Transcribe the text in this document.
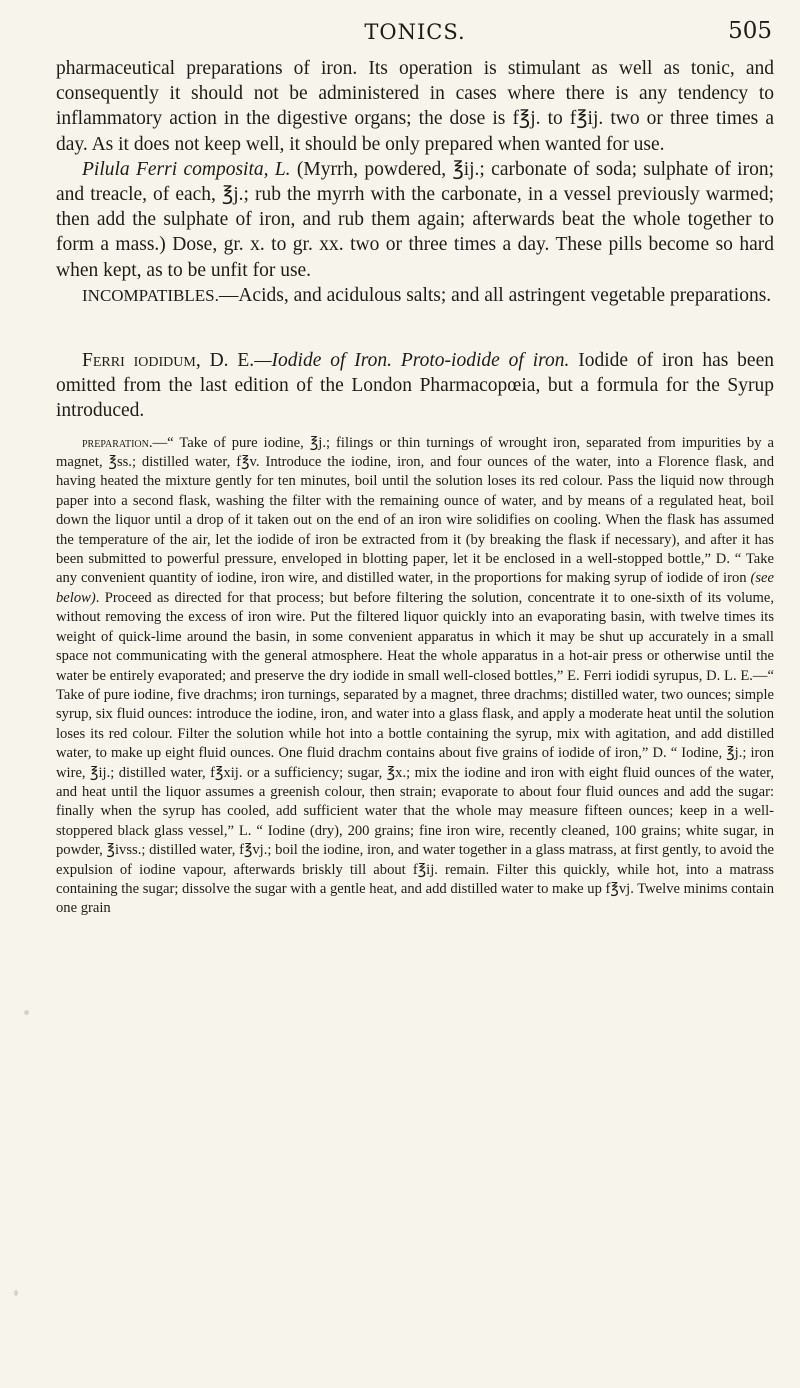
TONICS.	505

pharmaceutical preparations of iron. Its operation is stimulant as well as tonic, and consequently it should not be administered in cases where there is any tendency to inflammatory action in the digestive organs; the dose is f℥j. to f℥ij. two or three times a day. As it does not keep well, it should be only prepared when wanted for use.

Pilula Ferri composita, L. (Myrrh, powdered, ℥ij.; carbonate of soda; sulphate of iron; and treacle, of each, ℥j.; rub the myrrh with the carbonate, in a vessel previously warmed; then add the sulphate of iron, and rub them again; afterwards beat the whole together to form a mass.) Dose, gr. x. to gr. xx. two or three times a day. These pills become so hard when kept, as to be unfit for use.

INCOMPATIBLES.—Acids, and acidulous salts; and all astringent vegetable preparations.

Ferri iodidum, D. E.—Iodide of Iron. Proto-iodide of iron. Iodide of iron has been omitted from the last edition of the London Pharmacopœia, but a formula for the Syrup introduced.

preparation.—“ Take of pure iodine, ℥j.; filings or thin turnings of wrought iron, separated from impurities by a magnet, ℥ss.; distilled water, f℥v. Introduce the iodine, iron, and four ounces of the water, into a Florence flask, and having heated the mixture gently for ten minutes, boil until the solution loses its red colour. Pass the liquid now through paper into a second flask, washing the filter with the remaining ounce of water, and by means of a regulated heat, boil down the liquor until a drop of it taken out on the end of an iron wire solidifies on cooling. When the flask has assumed the temperature of the air, let the iodide of iron be extracted from it (by breaking the flask if necessary), and after it has been submitted to powerful pressure, enveloped in blotting paper, let it be enclosed in a well-stopped bottle,” D. “ Take any convenient quantity of iodine, iron wire, and distilled water, in the proportions for making syrup of iodide of iron (see below). Proceed as directed for that process; but before filtering the solution, concentrate it to one-sixth of its volume, without removing the excess of iron wire. Put the filtered liquor quickly into an evaporating basin, with twelve times its weight of quick-lime around the basin, in some convenient apparatus in which it may be shut up accurately in a small space not communicating with the general atmosphere. Heat the whole apparatus in a hot-air press or otherwise until the water be entirely evaporated; and preserve the dry iodide in small well-closed bottles,” E. Ferri iodidi syrupus, D. L. E.—“ Take of pure iodine, five drachms; iron turnings, separated by a magnet, three drachms; distilled water, two ounces; simple syrup, six fluid ounces: introduce the iodine, iron, and water into a glass flask, and apply a moderate heat until the solution loses its red colour. Filter the solution while hot into a bottle containing the syrup, mix with agitation, and add distilled water, to make up eight fluid ounces. One fluid drachm contains about five grains of iodide of iron,” D. “ Iodine, ℥j.; iron wire, ℥ij.; distilled water, f℥xij. or a sufficiency; sugar, ℥x.; mix the iodine and iron with eight fluid ounces of the water, and heat until the liquor assumes a greenish colour, then strain; evaporate to about four fluid ounces and add the sugar: finally when the syrup has cooled, add sufficient water that the whole may measure fifteen ounces; keep in a well-stoppered black glass vessel,” L. “ Iodine (dry), 200 grains; fine iron wire, recently cleaned, 100 grains; white sugar, in powder, ℥ivss.; distilled water, f℥vj.; boil the iodine, iron, and water together in a glass matrass, at first gently, to avoid the expulsion of iodine vapour, afterwards briskly till about f℥ij. remain. Filter this quickly, while hot, into a matrass containing the sugar; dissolve the sugar with a gentle heat, and add distilled water to make up f℥vj. Twelve minims contain one grain
